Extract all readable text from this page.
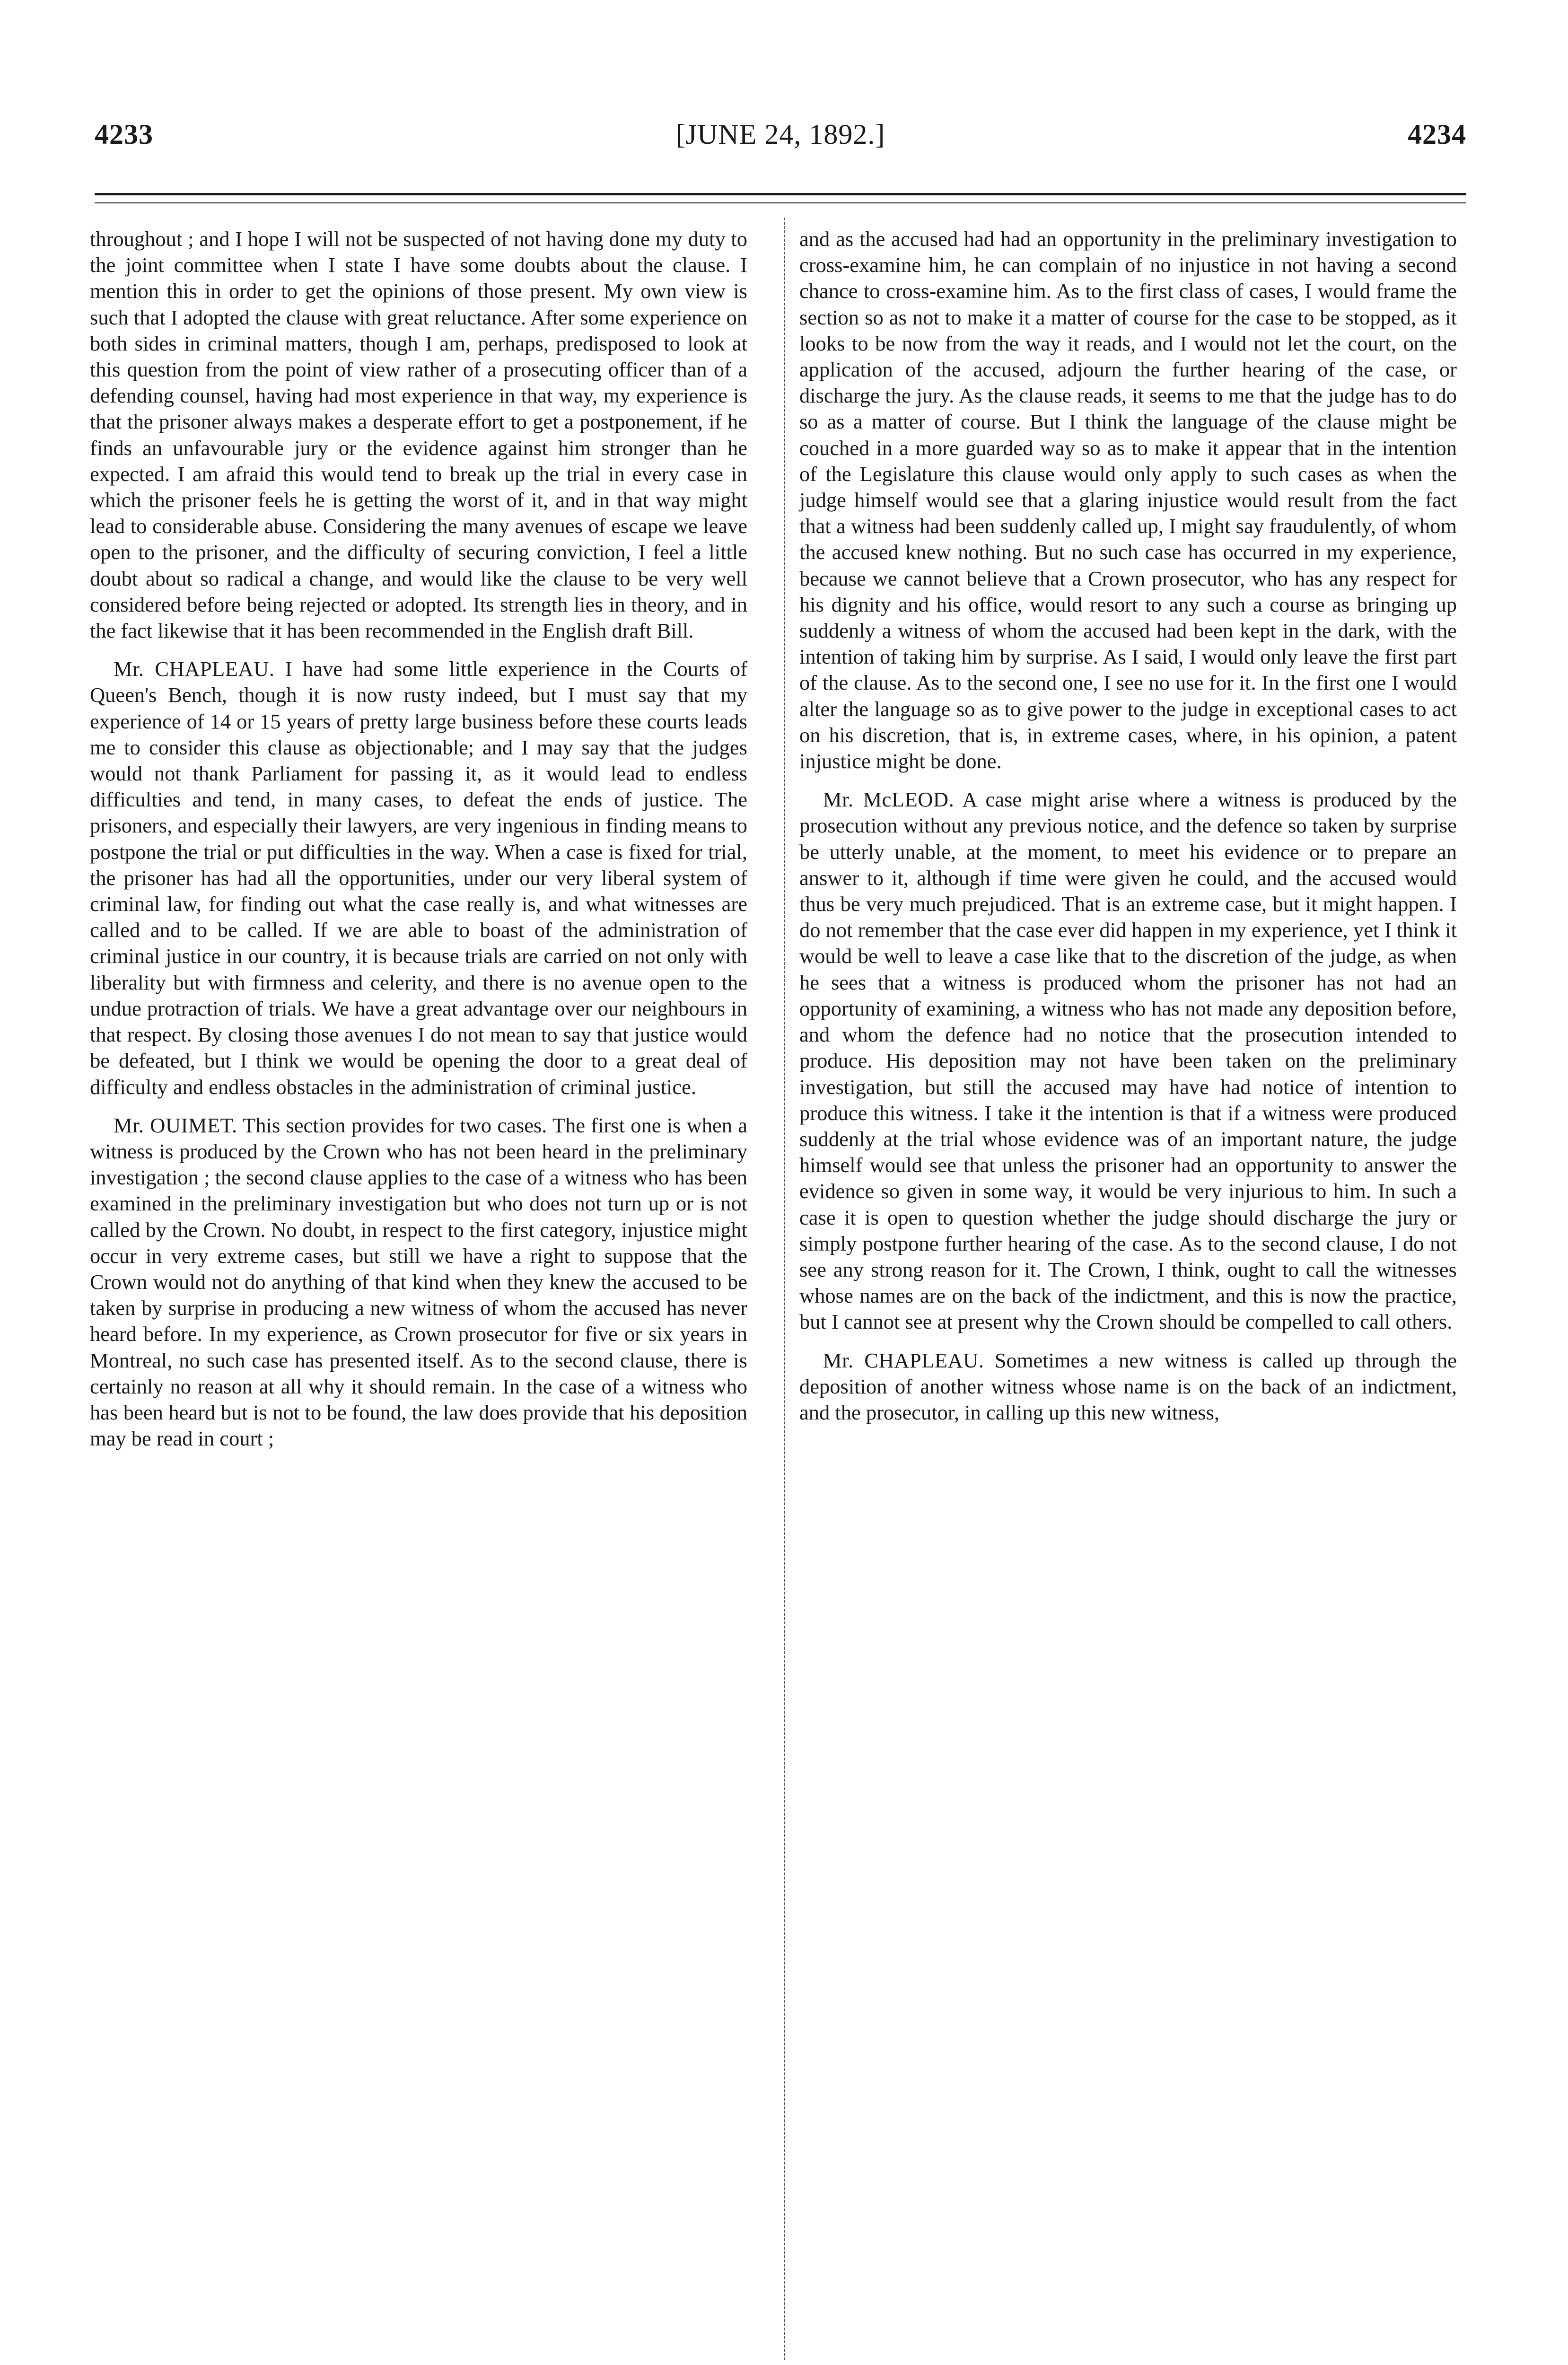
4233	[JUNE 24, 1892.]	4234

throughout ; and I hope I will not be suspected of not having done my duty to the joint committee when I state I have some doubts about the clause. I mention this in order to get the opinions of those present. My own view is such that I adopted the clause with great reluctance. After some experience on both sides in criminal matters, though I am, perhaps, predisposed to look at this question from the point of view rather of a prosecuting officer than of a defending counsel, having had most experience in that way, my experience is that the prisoner always makes a desperate effort to get a postponement, if he finds an unfavourable jury or the evidence against him stronger than he expected. I am afraid this would tend to break up the trial in every case in which the prisoner feels he is getting the worst of it, and in that way might lead to considerable abuse. Considering the many avenues of escape we leave open to the prisoner, and the difficulty of securing conviction, I feel a little doubt about so radical a change, and would like the clause to be very well considered before being rejected or adopted. Its strength lies in theory, and in the fact likewise that it has been recommended in the English draft Bill.

Mr. CHAPLEAU. I have had some little experience in the Courts of Queen's Bench, though it is now rusty indeed, but I must say that my experience of 14 or 15 years of pretty large business before these courts leads me to consider this clause as objectionable; and I may say that the judges would not thank Parliament for passing it, as it would lead to endless difficulties and tend, in many cases, to defeat the ends of justice. The prisoners, and especially their lawyers, are very ingenious in finding means to postpone the trial or put difficulties in the way. When a case is fixed for trial, the prisoner has had all the opportunities, under our very liberal system of criminal law, for finding out what the case really is, and what witnesses are called and to be called. If we are able to boast of the administration of criminal justice in our country, it is because trials are carried on not only with liberality but with firmness and celerity, and there is no avenue open to the undue protraction of trials. We have a great advantage over our neighbours in that respect. By closing those avenues I do not mean to say that justice would be defeated, but I think we would be opening the door to a great deal of difficulty and endless obstacles in the administration of criminal justice.

Mr. OUIMET. This section provides for two cases. The first one is when a witness is produced by the Crown who has not been heard in the preliminary investigation ; the second clause applies to the case of a witness who has been examined in the preliminary investigation but who does not turn up or is not called by the Crown. No doubt, in respect to the first category, injustice might occur in very extreme cases, but still we have a right to suppose that the Crown would not do anything of that kind when they knew the accused to be taken by surprise in producing a new witness of whom the accused has never heard before. In my experience, as Crown prosecutor for five or six years in Montreal, no such case has presented itself. As to the second clause, there is certainly no reason at all why it should remain. In the case of a witness who has been heard but is not to be found, the law does provide that his deposition may be read in court ;

and as the accused had had an opportunity in the preliminary investigation to cross-examine him, he can complain of no injustice in not having a second chance to cross-examine him. As to the first class of cases, I would frame the section so as not to make it a matter of course for the case to be stopped, as it looks to be now from the way it reads, and I would not let the court, on the application of the accused, adjourn the further hearing of the case, or discharge the jury. As the clause reads, it seems to me that the judge has to do so as a matter of course. But I think the language of the clause might be couched in a more guarded way so as to make it appear that in the intention of the Legislature this clause would only apply to such cases as when the judge himself would see that a glaring injustice would result from the fact that a witness had been suddenly called up, I might say fraudulently, of whom the accused knew nothing. But no such case has occurred in my experience, because we cannot believe that a Crown prosecutor, who has any respect for his dignity and his office, would resort to any such a course as bringing up suddenly a witness of whom the accused had been kept in the dark, with the intention of taking him by surprise. As I said, I would only leave the first part of the clause. As to the second one, I see no use for it. In the first one I would alter the language so as to give power to the judge in exceptional cases to act on his discretion, that is, in extreme cases, where, in his opinion, a patent injustice might be done.

Mr. McLEOD. A case might arise where a witness is produced by the prosecution without any previous notice, and the defence so taken by surprise be utterly unable, at the moment, to meet his evidence or to prepare an answer to it, although if time were given he could, and the accused would thus be very much prejudiced. That is an extreme case, but it might happen. I do not remember that the case ever did happen in my experience, yet I think it would be well to leave a case like that to the discretion of the judge, as when he sees that a witness is produced whom the prisoner has not had an opportunity of examining, a witness who has not made any deposition before, and whom the defence had no notice that the prosecution intended to produce. His deposition may not have been taken on the preliminary investigation, but still the accused may have had notice of intention to produce this witness. I take it the intention is that if a witness were produced suddenly at the trial whose evidence was of an important nature, the judge himself would see that unless the prisoner had an opportunity to answer the evidence so given in some way, it would be very injurious to him. In such a case it is open to question whether the judge should discharge the jury or simply postpone further hearing of the case. As to the second clause, I do not see any strong reason for it. The Crown, I think, ought to call the witnesses whose names are on the back of the indictment, and this is now the practice, but I cannot see at present why the Crown should be compelled to call others.

Mr. CHAPLEAU. Sometimes a new witness is called up through the deposition of another witness whose name is on the back of an indictment, and the prosecutor, in calling up this new witness,
